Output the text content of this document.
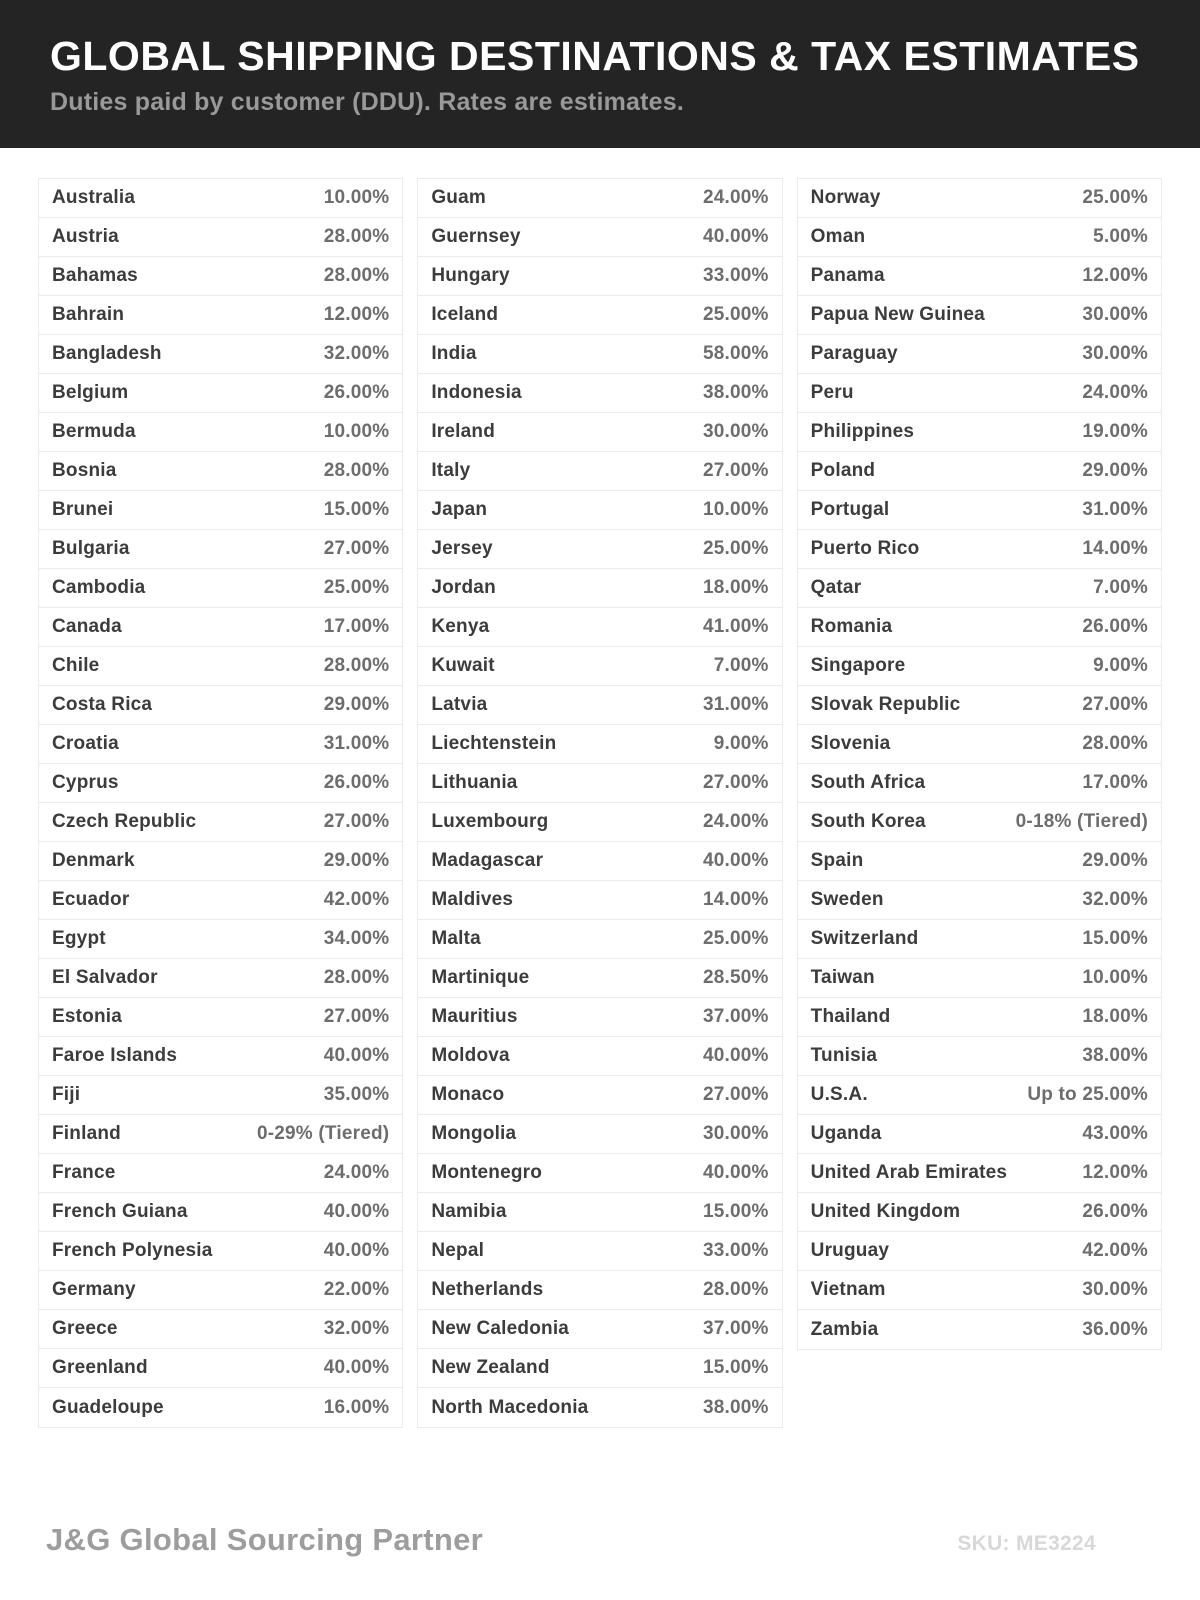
GLOBAL SHIPPING DESTINATIONS & TAX ESTIMATES
Duties paid by customer (DDU). Rates are estimates.
Australia	10.00%
Austria	28.00%
Bahamas	28.00%
Bahrain	12.00%
Bangladesh	32.00%
Belgium	26.00%
Bermuda	10.00%
Bosnia	28.00%
Brunei	15.00%
Bulgaria	27.00%
Cambodia	25.00%
Canada	17.00%
Chile	28.00%
Costa Rica	29.00%
Croatia	31.00%
Cyprus	26.00%
Czech Republic	27.00%
Denmark	29.00%
Ecuador	42.00%
Egypt	34.00%
El Salvador	28.00%
Estonia	27.00%
Faroe Islands	40.00%
Fiji	35.00%
Finland	0-29% (Tiered)
France	24.00%
French Guiana	40.00%
French Polynesia	40.00%
Germany	22.00%
Greece	32.00%
Greenland	40.00%
Guadeloupe	16.00%
Guam	24.00%
Guernsey	40.00%
Hungary	33.00%
Iceland	25.00%
India	58.00%
Indonesia	38.00%
Ireland	30.00%
Italy	27.00%
Japan	10.00%
Jersey	25.00%
Jordan	18.00%
Kenya	41.00%
Kuwait	7.00%
Latvia	31.00%
Liechtenstein	9.00%
Lithuania	27.00%
Luxembourg	24.00%
Madagascar	40.00%
Maldives	14.00%
Malta	25.00%
Martinique	28.50%
Mauritius	37.00%
Moldova	40.00%
Monaco	27.00%
Mongolia	30.00%
Montenegro	40.00%
Namibia	15.00%
Nepal	33.00%
Netherlands	28.00%
New Caledonia	37.00%
New Zealand	15.00%
North Macedonia	38.00%
Norway	25.00%
Oman	5.00%
Panama	12.00%
Papua New Guinea	30.00%
Paraguay	30.00%
Peru	24.00%
Philippines	19.00%
Poland	29.00%
Portugal	31.00%
Puerto Rico	14.00%
Qatar	7.00%
Romania	26.00%
Singapore	9.00%
Slovak Republic	27.00%
Slovenia	28.00%
South Africa	17.00%
South Korea	0-18% (Tiered)
Spain	29.00%
Sweden	32.00%
Switzerland	15.00%
Taiwan	10.00%
Thailand	18.00%
Tunisia	38.00%
U.S.A.	Up to 25.00%
Uganda	43.00%
United Arab Emirates	12.00%
United Kingdom	26.00%
Uruguay	42.00%
Vietnam	30.00%
Zambia	36.00%
J&G Global Sourcing Partner	SKU: ME3224
